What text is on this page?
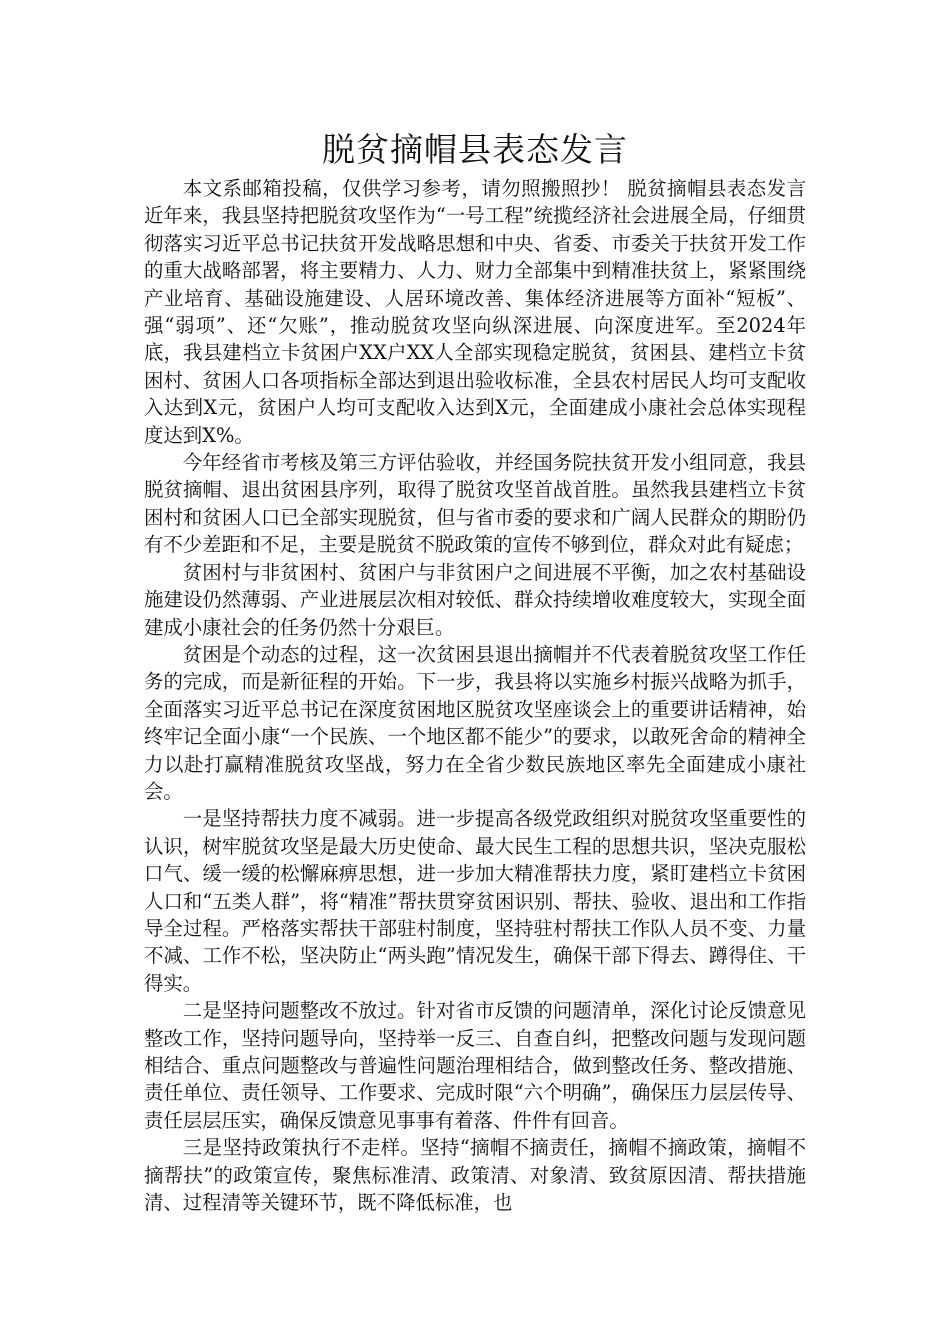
脱贫摘帽县表态发言

本文系邮箱投稿，仅供学习参考，请勿照搬照抄！ 脱贫摘帽县表态发言　近年来，我县坚持把脱贫攻坚作为“一号工程”统揽经济社会进展全局，仔细贯彻落实习近平总书记扶贫开发战略思想和中央、省委、市委关于扶贫开发工作的重大战略部署，将主要精力、人力、财力全部集中到精准扶贫上，紧紧围绕产业培育、基础设施建设、人居环境改善、集体经济进展等方面补“短板”、强“弱项”、还“欠账”，推动脱贫攻坚向纵深进展、向深度进军。至2024年底，我县建档立卡贫困户XX户XX人全部实现稳定脱贫，贫困县、建档立卡贫困村、贫困人口各项指标全部达到退出验收标准，全县农村居民人均可支配收入达到X元，贫困户人均可支配收入达到X元，全面建成小康社会总体实现程度达到X%。

今年经省市考核及第三方评估验收，并经国务院扶贫开发小组同意，我县脱贫摘帽、退出贫困县序列，取得了脱贫攻坚首战首胜。虽然我县建档立卡贫困村和贫困人口已全部实现脱贫，但与省市委的要求和广阔人民群众的期盼仍有不少差距和不足，主要是脱贫不脱政策的宣传不够到位，群众对此有疑虑；

贫困村与非贫困村、贫困户与非贫困户之间进展不平衡，加之农村基础设施建设仍然薄弱、产业进展层次相对较低、群众持续增收难度较大，实现全面建成小康社会的任务仍然十分艰巨。

贫困是个动态的过程，这一次贫困县退出摘帽并不代表着脱贫攻坚工作任务的完成，而是新征程的开始。下一步，我县将以实施乡村振兴战略为抓手，全面落实习近平总书记在深度贫困地区脱贫攻坚座谈会上的重要讲话精神，始终牢记全面小康“一个民族、一个地区都不能少”的要求，以敢死舍命的精神全力以赴打赢精准脱贫攻坚战，努力在全省少数民族地区率先全面建成小康社会。

一是坚持帮扶力度不减弱。进一步提高各级党政组织对脱贫攻坚重要性的认识，树牢脱贫攻坚是最大历史使命、最大民生工程的思想共识，坚决克服松口气、缓一缓的松懈麻痹思想，进一步加大精准帮扶力度，紧盯建档立卡贫困人口和“五类人群”，将“精准”帮扶贯穿贫困识别、帮扶、验收、退出和工作指导全过程。严格落实帮扶干部驻村制度，坚持驻村帮扶工作队人员不变、力量不减、工作不松，坚决防止“两头跑”情况发生，确保干部下得去、蹲得住、干得实。

二是坚持问题整改不放过。针对省市反馈的问题清单，深化讨论反馈意见整改工作，坚持问题导向，坚持举一反三、自查自纠，把整改问题与发现问题相结合、重点问题整改与普遍性问题治理相结合，做到整改任务、整改措施、责任单位、责任领导、工作要求、完成时限“六个明确”，确保压力层层传导、责任层层压实，确保反馈意见事事有着落、件件有回音。

三是坚持政策执行不走样。坚持“摘帽不摘责任，摘帽不摘政策，摘帽不摘帮扶”的政策宣传，聚焦标准清、政策清、对象清、致贫原因清、帮扶措施清、过程清等关键环节，既不降低标准，也
